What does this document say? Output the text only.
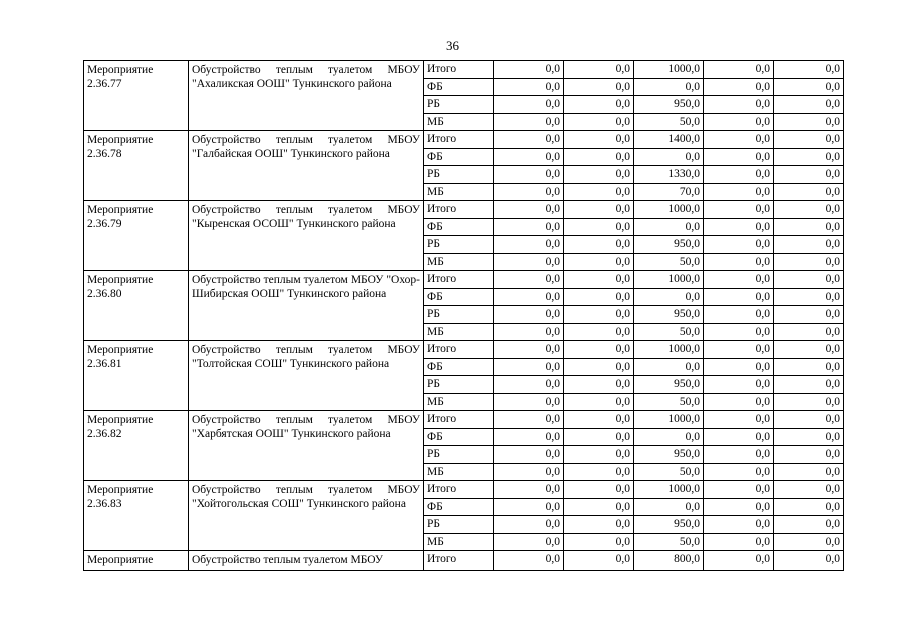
36
Мероприятие 2.36.77	Обустройство теплым туалетом МБОУ "Ахаликская ООШ" Тункинского района	Итого	0,0	0,0	1000,0	0,0	0,0
		ФБ	0,0	0,0	0,0	0,0	0,0
		РБ	0,0	0,0	950,0	0,0	0,0
		МБ	0,0	0,0	50,0	0,0	0,0
Мероприятие 2.36.78	Обустройство теплым туалетом МБОУ "Галбайская ООШ" Тункинского района	Итого	0,0	0,0	1400,0	0,0	0,0
		ФБ	0,0	0,0	0,0	0,0	0,0
		РБ	0,0	0,0	1330,0	0,0	0,0
		МБ	0,0	0,0	70,0	0,0	0,0
Мероприятие 2.36.79	Обустройство теплым туалетом МБОУ "Кыренская ОСОШ" Тункинского района	Итого	0,0	0,0	1000,0	0,0	0,0
		ФБ	0,0	0,0	0,0	0,0	0,0
		РБ	0,0	0,0	950,0	0,0	0,0
		МБ	0,0	0,0	50,0	0,0	0,0
Мероприятие 2.36.80	Обустройство теплым туалетом МБОУ "Охор-Шибирская ООШ" Тункинского района	Итого	0,0	0,0	1000,0	0,0	0,0
		ФБ	0,0	0,0	0,0	0,0	0,0
		РБ	0,0	0,0	950,0	0,0	0,0
		МБ	0,0	0,0	50,0	0,0	0,0
Мероприятие 2.36.81	Обустройство теплым туалетом МБОУ "Толтойская СОШ" Тункинского района	Итого	0,0	0,0	1000,0	0,0	0,0
		ФБ	0,0	0,0	0,0	0,0	0,0
		РБ	0,0	0,0	950,0	0,0	0,0
		МБ	0,0	0,0	50,0	0,0	0,0
Мероприятие 2.36.82	Обустройство теплым туалетом МБОУ "Харбятская ООШ" Тункинского района	Итого	0,0	0,0	1000,0	0,0	0,0
		ФБ	0,0	0,0	0,0	0,0	0,0
		РБ	0,0	0,0	950,0	0,0	0,0
		МБ	0,0	0,0	50,0	0,0	0,0
Мероприятие 2.36.83	Обустройство теплым туалетом МБОУ "Хойтогольская СОШ" Тункинского района	Итого	0,0	0,0	1000,0	0,0	0,0
		ФБ	0,0	0,0	0,0	0,0	0,0
		РБ	0,0	0,0	950,0	0,0	0,0
		МБ	0,0	0,0	50,0	0,0	0,0
Мероприятие	Обустройство теплым туалетом МБОУ	Итого	0,0	0,0	800,0	0,0	0,0
